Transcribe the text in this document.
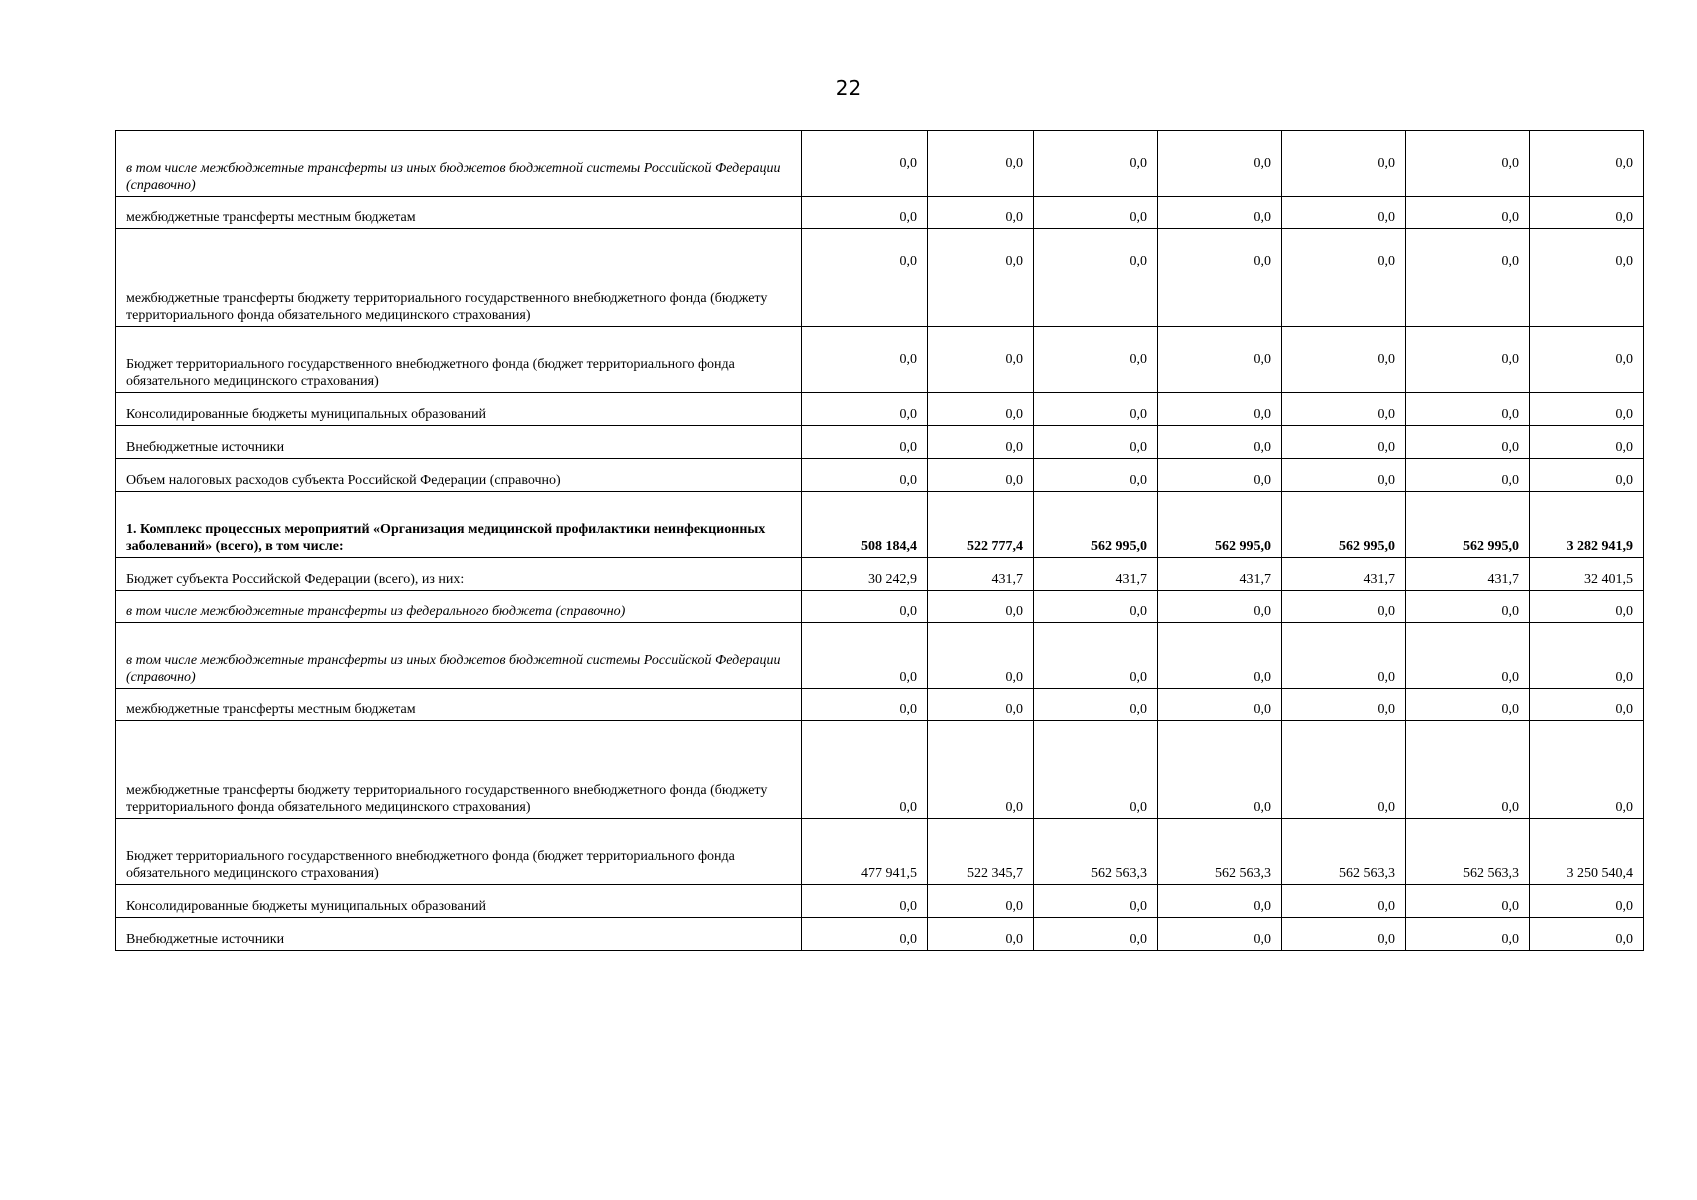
22
в том числе межбюджетные трансферты из иных бюджетов бюджетной системы Российской Федерации (справочно)	0,0	0,0	0,0	0,0	0,0	0,0	0,0
межбюджетные трансферты местным бюджетам	0,0	0,0	0,0	0,0	0,0	0,0	0,0
межбюджетные трансферты бюджету территориального государственного внебюджетного фонда (бюджету территориального фонда обязательного медицинского страхования)	0,0	0,0	0,0	0,0	0,0	0,0	0,0
Бюджет территориального государственного внебюджетного фонда (бюджет территориального фонда обязательного медицинского страхования)	0,0	0,0	0,0	0,0	0,0	0,0	0,0
Консолидированные бюджеты муниципальных образований	0,0	0,0	0,0	0,0	0,0	0,0	0,0
Внебюджетные источники	0,0	0,0	0,0	0,0	0,0	0,0	0,0
Объем налоговых расходов субъекта Российской Федерации (справочно)	0,0	0,0	0,0	0,0	0,0	0,0	0,0
1. Комплекс процессных мероприятий «Организация медицинской профилактики неинфекционных заболеваний» (всего), в том числе:	508 184,4	522 777,4	562 995,0	562 995,0	562 995,0	562 995,0	3 282 941,9
Бюджет субъекта Российской Федерации (всего), из них:	30 242,9	431,7	431,7	431,7	431,7	431,7	32 401,5
в том числе межбюджетные трансферты из федерального бюджета (справочно)	0,0	0,0	0,0	0,0	0,0	0,0	0,0
в том числе межбюджетные трансферты из иных бюджетов бюджетной системы Российской Федерации (справочно)	0,0	0,0	0,0	0,0	0,0	0,0	0,0
межбюджетные трансферты местным бюджетам	0,0	0,0	0,0	0,0	0,0	0,0	0,0
межбюджетные трансферты бюджету территориального государственного внебюджетного фонда (бюджету территориального фонда обязательного медицинского страхования)	0,0	0,0	0,0	0,0	0,0	0,0	0,0
Бюджет территориального государственного внебюджетного фонда (бюджет территориального фонда обязательного медицинского страхования)	477 941,5	522 345,7	562 563,3	562 563,3	562 563,3	562 563,3	3 250 540,4
Консолидированные бюджеты муниципальных образований	0,0	0,0	0,0	0,0	0,0	0,0	0,0
Внебюджетные источники	0,0	0,0	0,0	0,0	0,0	0,0	0,0
